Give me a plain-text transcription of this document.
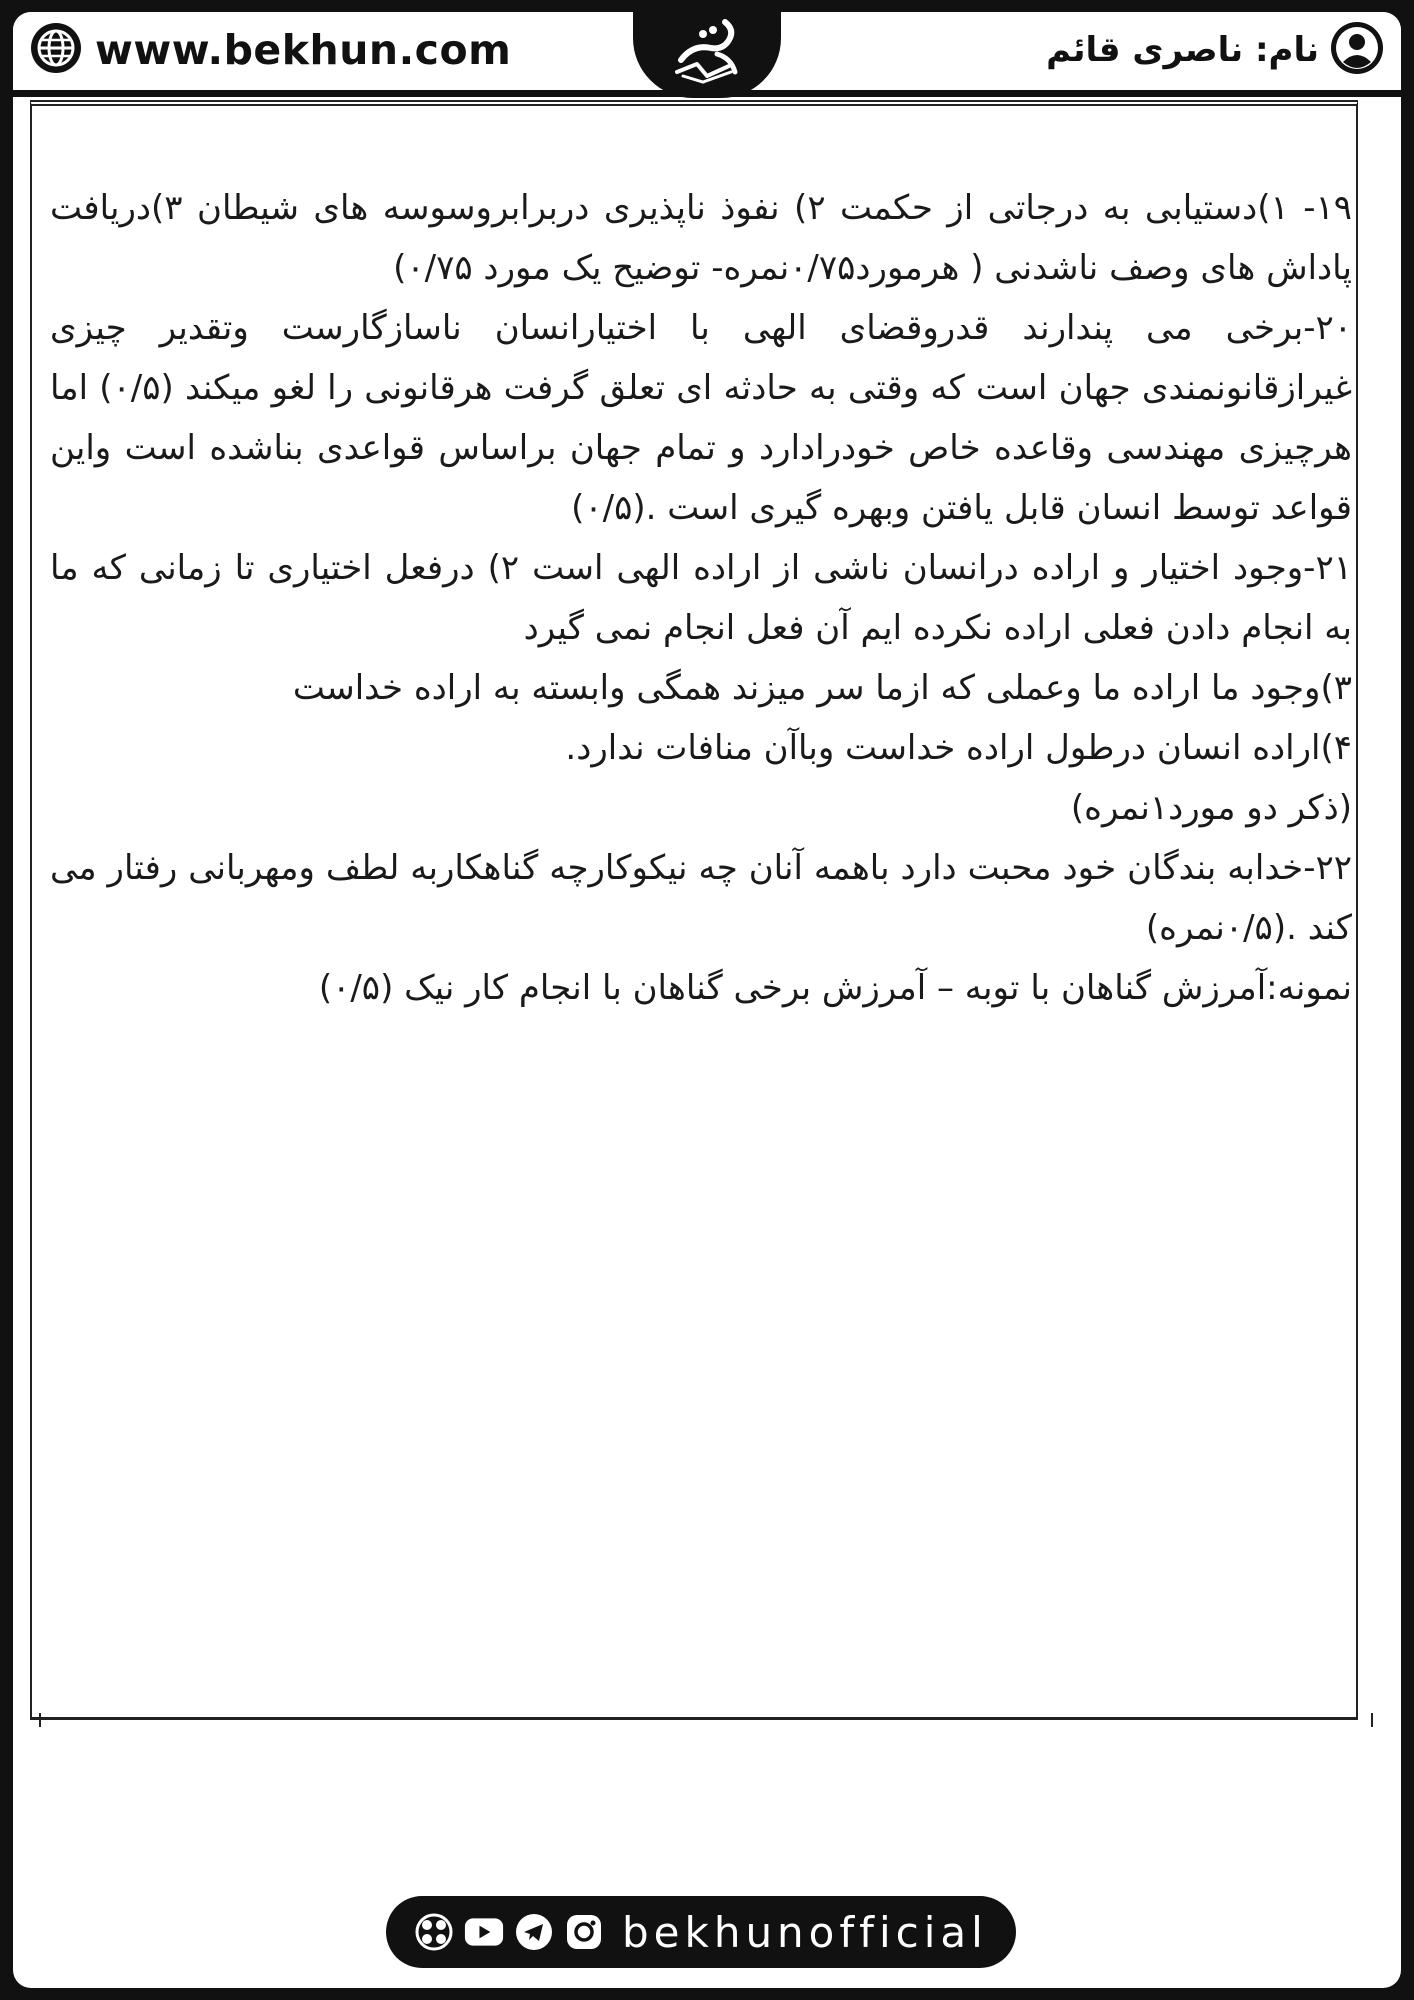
www.bekhun.com	نام: ناصری قائم

۱۹- ۱)دستیابی به درجاتی از حکمت ۲) نفوذ ناپذیری دربرابروسوسه های شیطان ۳)دریافت پاداش های وصف ناشدنی ( هرمورد۰/۷۵نمره- توضیح یک مورد ۰/۷۵)

۲۰-برخی می پندارند قدروقضای الهی با اختیارانسان ناسازگارست وتقدیر چیزی غیرازقانونمندی جهان است که وقتی به حادثه ای تعلق گرفت هرقانونی را لغو میکند (۰/۵) اما هرچیزی مهندسی وقاعده خاص خودرادارد و تمام جهان براساس قواعدی بناشده است واین قواعد توسط انسان قابل یافتن وبهره گیری است .(۰/۵)

۲۱-وجود اختیار و اراده درانسان ناشی از اراده الهی است ۲) درفعل اختیاری تا زمانی که ما به انجام دادن فعلی اراده نکرده ایم آن فعل انجام نمی گیرد

۳)وجود ما اراده ما وعملی که ازما سر میزند همگی وابسته به اراده خداست

۴)اراده انسان درطول اراده خداست وباآن منافات ندارد.

(ذکر دو مورد۱نمره)

۲۲-خدابه بندگان خود محبت دارد باهمه آنان چه نیکوکارچه گناهکاربه لطف ومهربانی رفتار می کند .(۰/۵نمره)

نمونه:آمرزش گناهان با توبه – آمرزش برخی گناهان با انجام کار نیک (۰/۵)

bekhunofficial
